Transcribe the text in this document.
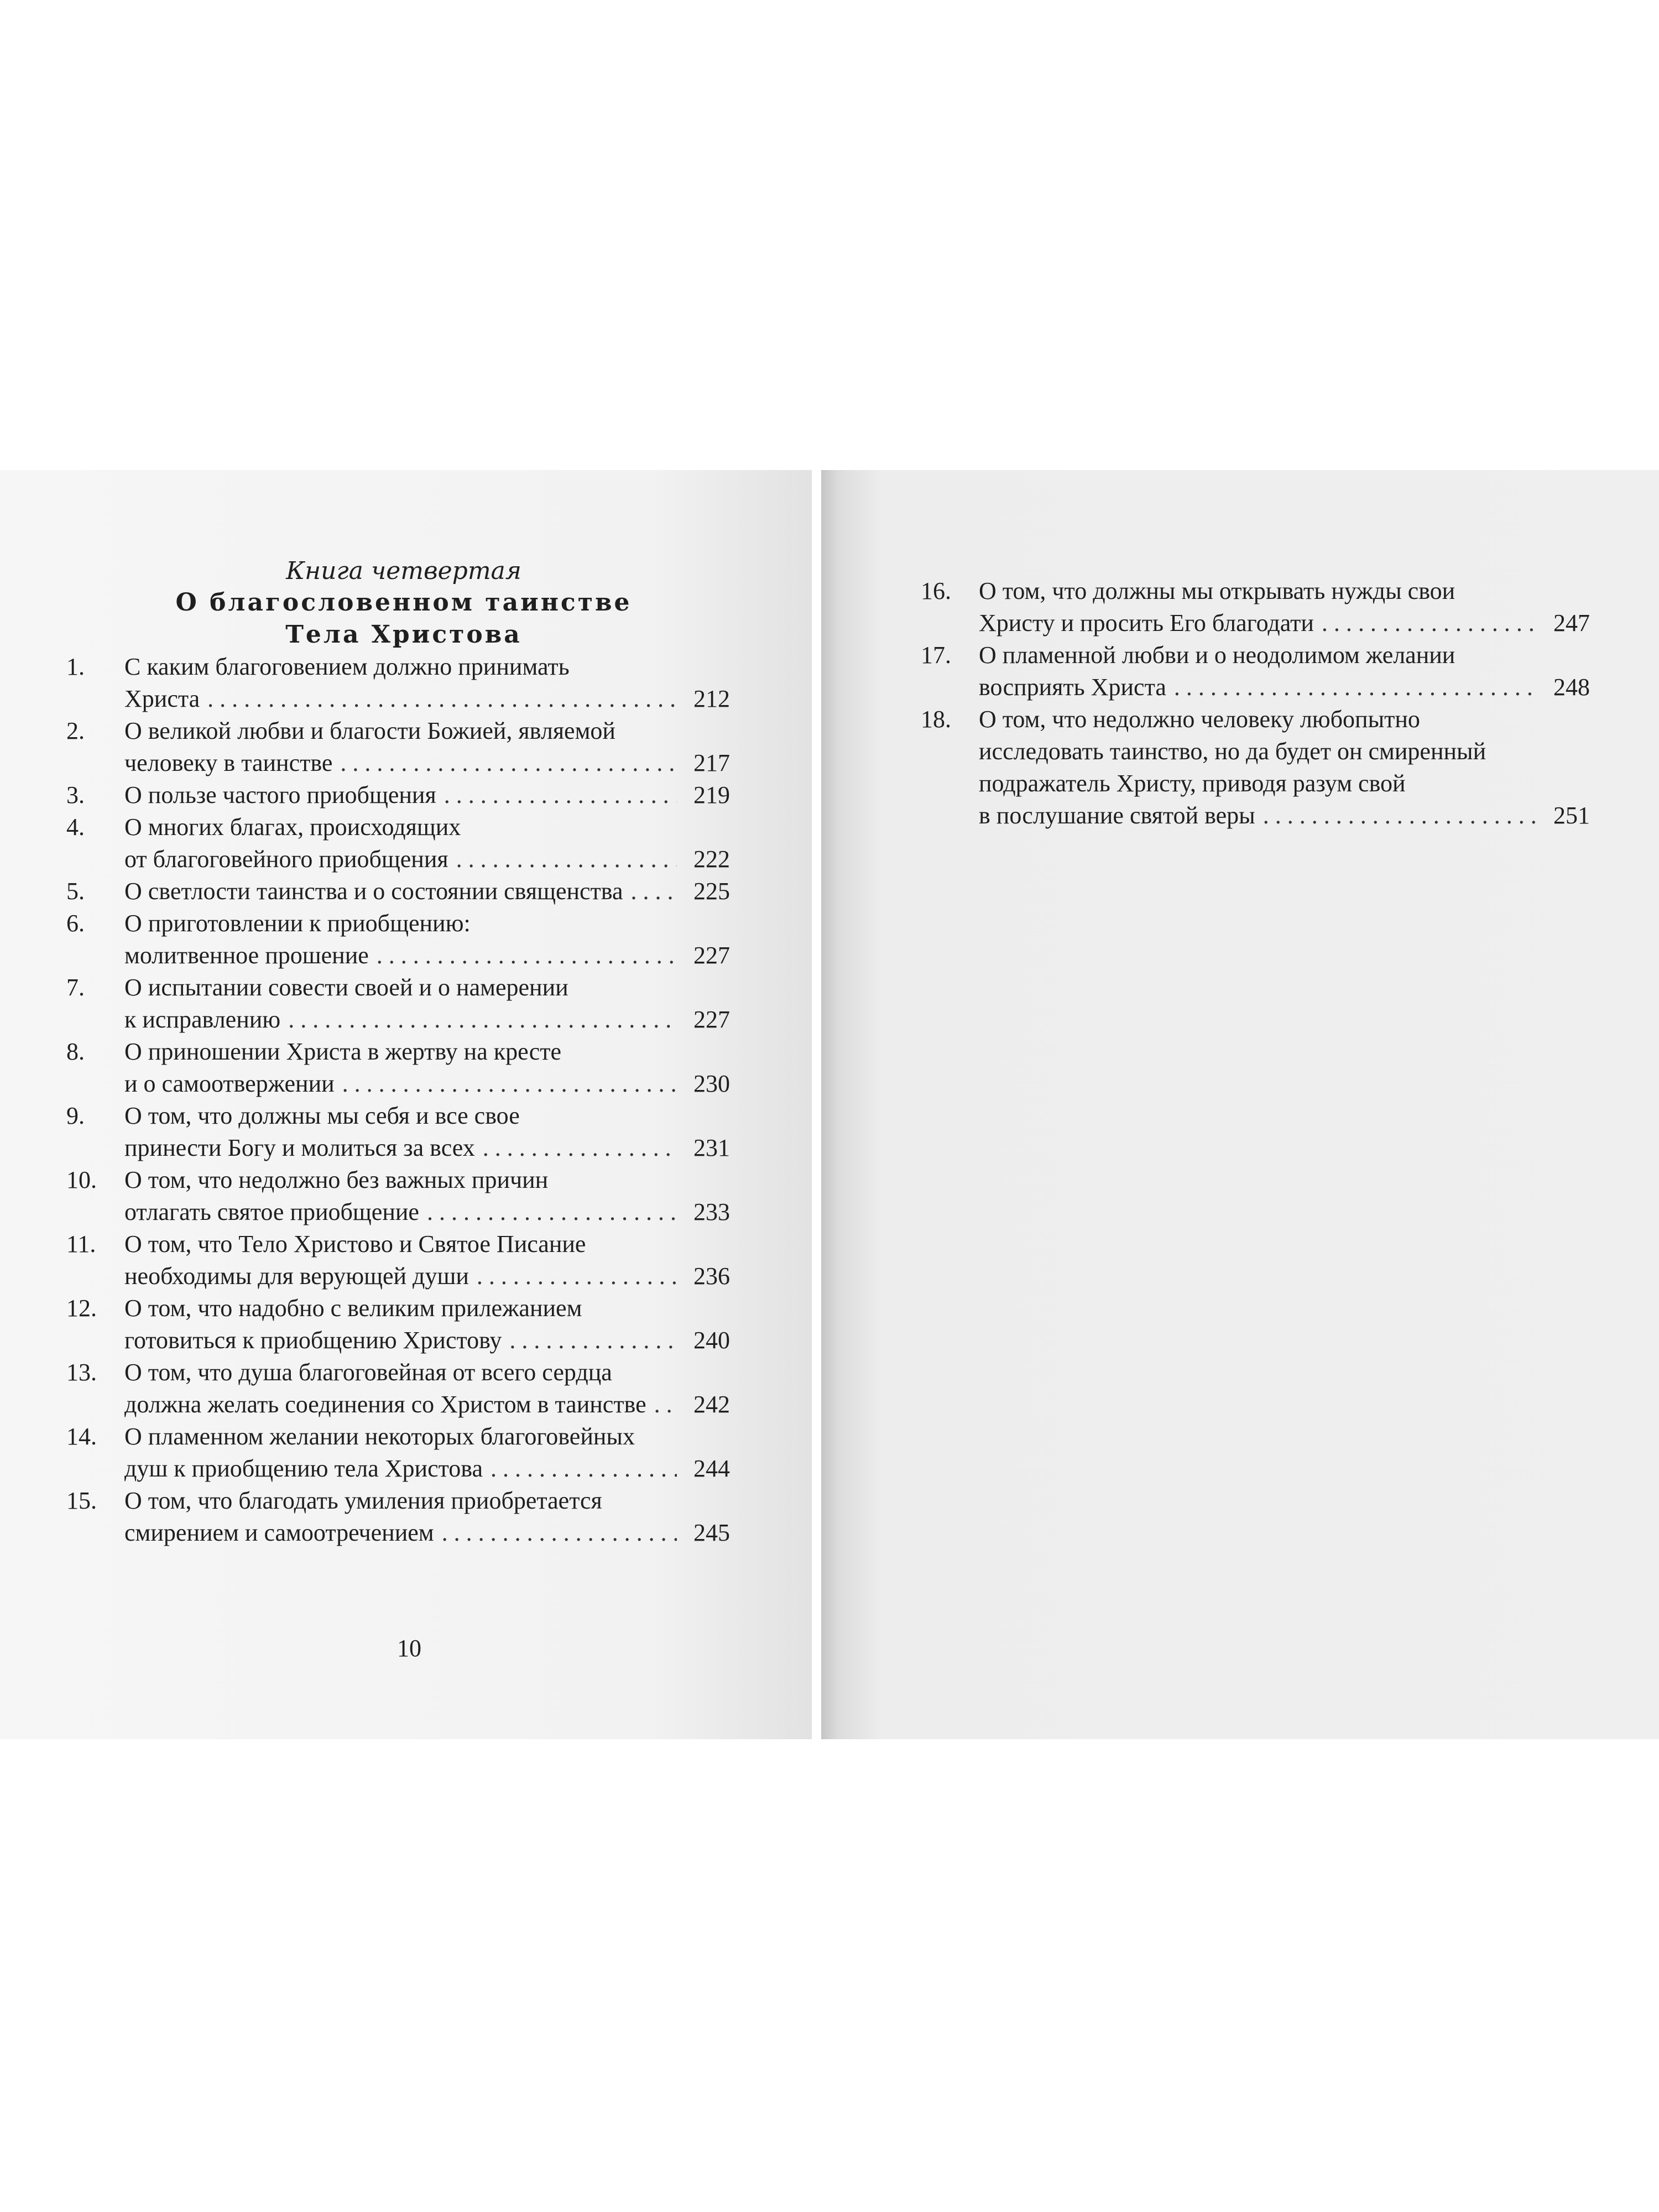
Книга четвертая
О благословенном таинстве
Тела Христова
1. С каким благоговением должно принимать
Христа . . .	212
2. О великой любви и благости Божией, являемой
человеку в таинстве . . .	217
3. О пользе частого приобщения . . .	219
4. О многих благах, происходящих
от благоговейного приобщения . . .	222
5. О светлости таинства и о состоянии священства . . .	225
6. О приготовлении к приобщению:
молитвенное прошение . . .	227
7. О испытании совести своей и о намерении
к исправлению . . .	227
8. О приношении Христа в жертву на кресте
и о самоотвержении . . .	230
9. О том, что должны мы себя и все свое
принести Богу и молиться за всех . . .	231
10. О том, что недолжно без важных причин
отлагать святое приобщение . . .	233
11. О том, что Тело Христово и Святое Писание
необходимы для верующей души . . .	236
12. О том, что надобно с великим прилежанием
готовиться к приобщению Христову . . .	240
13. О том, что душа благоговейная от всего сердца
должна желать соединения со Христом в таинстве . . .	242
14. О пламенном желании некоторых благоговейных
душ к приобщению тела Христова . . .	244
15. О том, что благодать умиления приобретается
смирением и самоотречением . . .	245
10
16. О том, что должны мы открывать нужды свои
Христу и просить Его благодати . . .	247
17. О пламенной любви и о неодолимом желании
восприять Христа . . .	248
18. О том, что недолжно человеку любопытно
исследовать таинство, но да будет он смиренный
подражатель Христу, приводя разум свой
в послушание святой веры . . .	251
